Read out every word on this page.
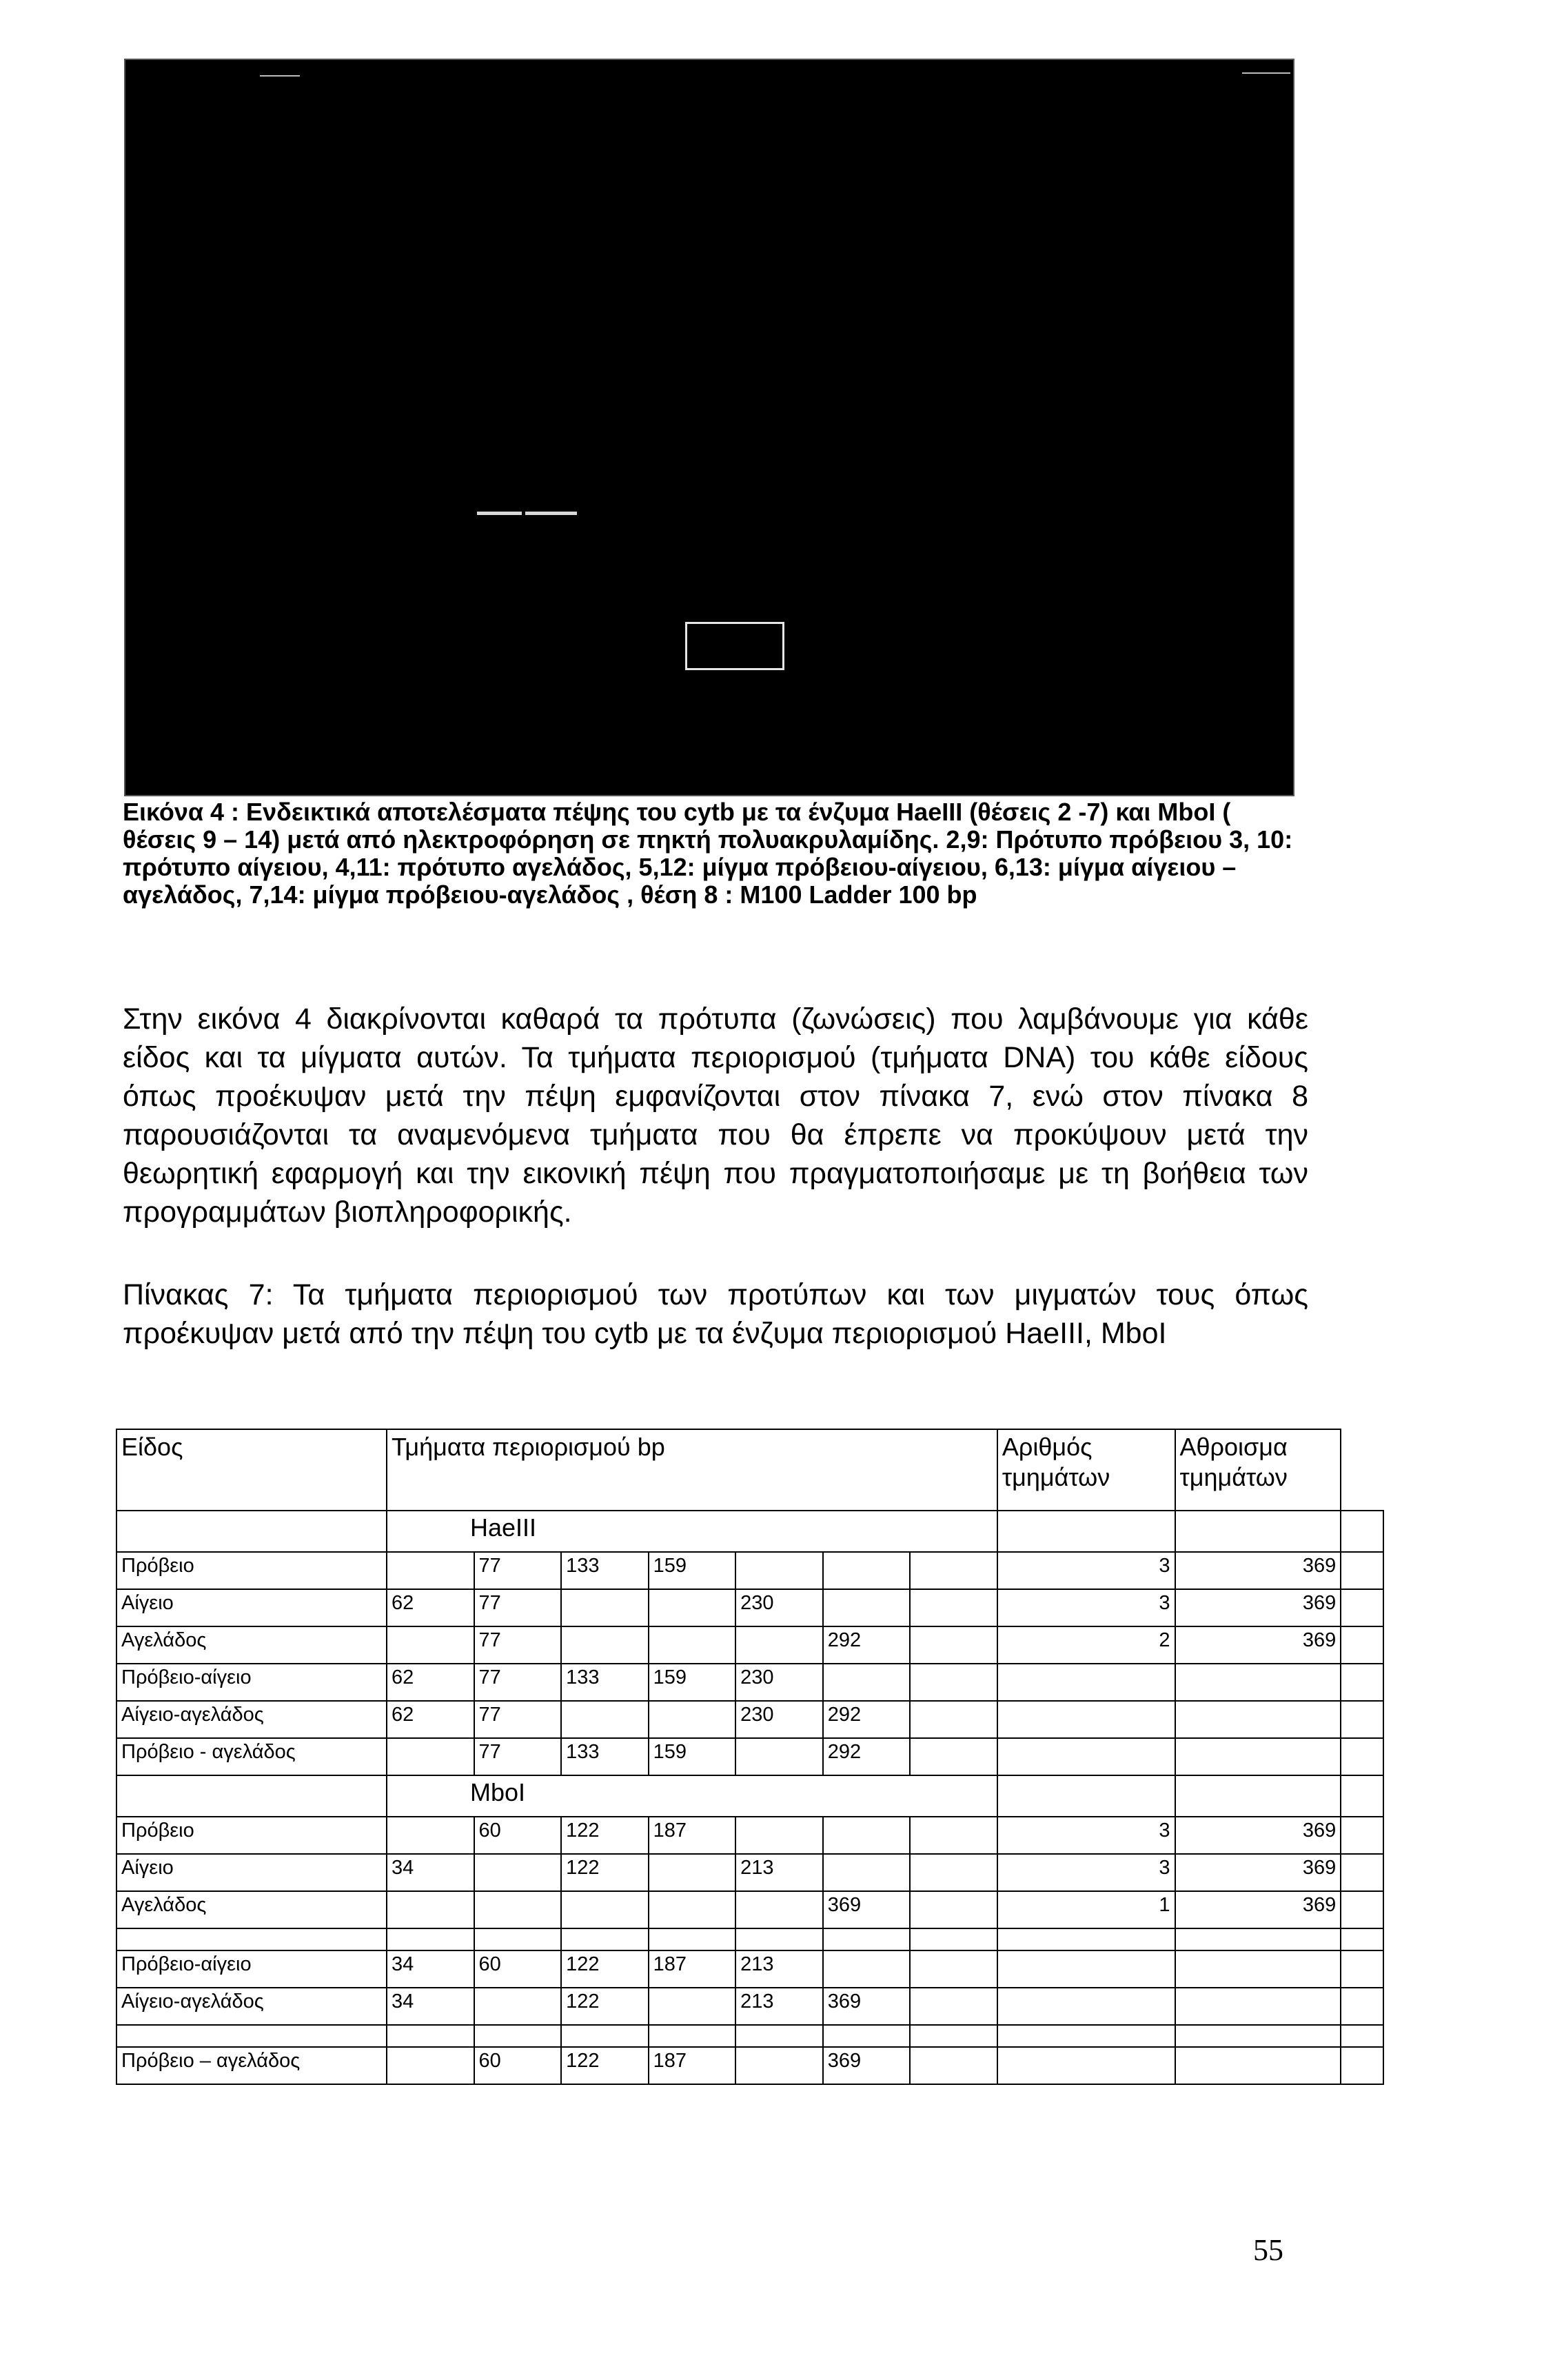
Εικόνα 4 : Ενδεικτικά αποτελέσματα πέψης του cytb με τα ένζυμα HaeIII (θέσεις 2 -7) και MboI ( θέσεις 9 – 14) μετά από ηλεκτροφόρηση σε πηκτή πολυακρυλαμίδης. 2,9: Πρότυπο πρόβειου 3, 10: πρότυπο αίγειου, 4,11: πρότυπο αγελάδος, 5,12: μίγμα πρόβειου-αίγειου, 6,13: μίγμα αίγειου – αγελάδος, 7,14: μίγμα πρόβειου-αγελάδος , θέση 8 : M100 Ladder 100 bp

Στην εικόνα 4 διακρίνονται καθαρά τα πρότυπα (ζωνώσεις) που λαμβάνουμε για κάθε είδος και τα μίγματα αυτών. Τα τμήματα περιορισμού (τμήματα DNA) του κάθε είδους όπως προέκυψαν μετά την πέψη εμφανίζονται στον πίνακα 7, ενώ στον πίνακα 8 παρουσιάζονται τα αναμενόμενα τμήματα που θα έπρεπε να προκύψουν μετά την θεωρητική εφαρμογή και την εικονική πέψη που πραγματοποιήσαμε με τη βοήθεια των προγραμμάτων βιοπληροφορικής.

Πίνακας 7: Τα τμήματα περιορισμού των προτύπων και των μιγματών τους όπως προέκυψαν μετά από την πέψη του cytb με τα ένζυμα περιορισμού HaeIII, MboI

Είδος	Τμήματα περιορισμού bp							Αριθμός τμημάτων	Αθροισμα τμημάτων	
	HaeIII									
Πρόβειο		77	133	159				3	369	
Αίγειο	62	77			230			3	369	
Αγελάδος		77				292		2	369	
Πρόβειο-αίγειο	62	77	133	159	230					
Αίγειο-αγελάδος	62	77			230	292				
Πρόβειο - αγελάδος		77	133	159		292				
	MboI									
Πρόβειο		60	122	187				3	369	
Αίγειο	34		122		213			3	369	
Αγελάδος						369		1	369	

Πρόβειο-αίγειο	34	60	122	187	213					
Αίγειο-αγελάδος	34		122		213	369				

Πρόβειο – αγελάδος		60	122	187		369				
55
